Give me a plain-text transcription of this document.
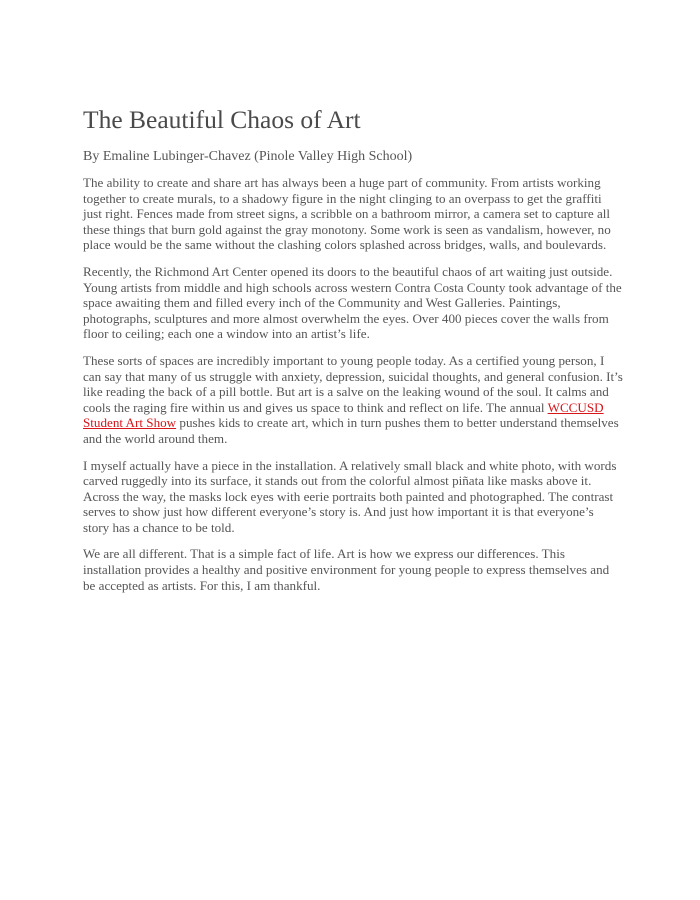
The Beautiful Chaos of Art

By Emaline Lubinger-Chavez (Pinole Valley High School)

The ability to create and share art has always been a huge part of community. From artists working together to create murals, to a shadowy figure in the night clinging to an overpass to get the graffiti just right. Fences made from street signs, a scribble on a bathroom mirror, a camera set to capture all these things that burn gold against the gray monotony. Some work is seen as vandalism, however, no place would be the same without the clashing colors splashed across bridges, walls, and boulevards.

Recently, the Richmond Art Center opened its doors to the beautiful chaos of art waiting just outside. Young artists from middle and high schools across western Contra Costa County took advantage of the space awaiting them and filled every inch of the Community and West Galleries. Paintings, photographs, sculptures and more almost overwhelm the eyes. Over 400 pieces cover the walls from floor to ceiling; each one a window into an artist’s life.

These sorts of spaces are incredibly important to young people today. As a certified young person, I can say that many of us struggle with anxiety, depression, suicidal thoughts, and general confusion. It’s like reading the back of a pill bottle. But art is a salve on the leaking wound of the soul. It calms and cools the raging fire within us and gives us space to think and reflect on life. The annual WCCUSD Student Art Show pushes kids to create art, which in turn pushes them to better understand themselves and the world around them.

I myself actually have a piece in the installation. A relatively small black and white photo, with words carved ruggedly into its surface, it stands out from the colorful almost piñata like masks above it. Across the way, the masks lock eyes with eerie portraits both painted and photographed. The contrast serves to show just how different everyone’s story is. And just how important it is that everyone’s story has a chance to be told.

We are all different. That is a simple fact of life. Art is how we express our differences. This installation provides a healthy and positive environment for young people to express themselves and be accepted as artists. For this, I am thankful.
